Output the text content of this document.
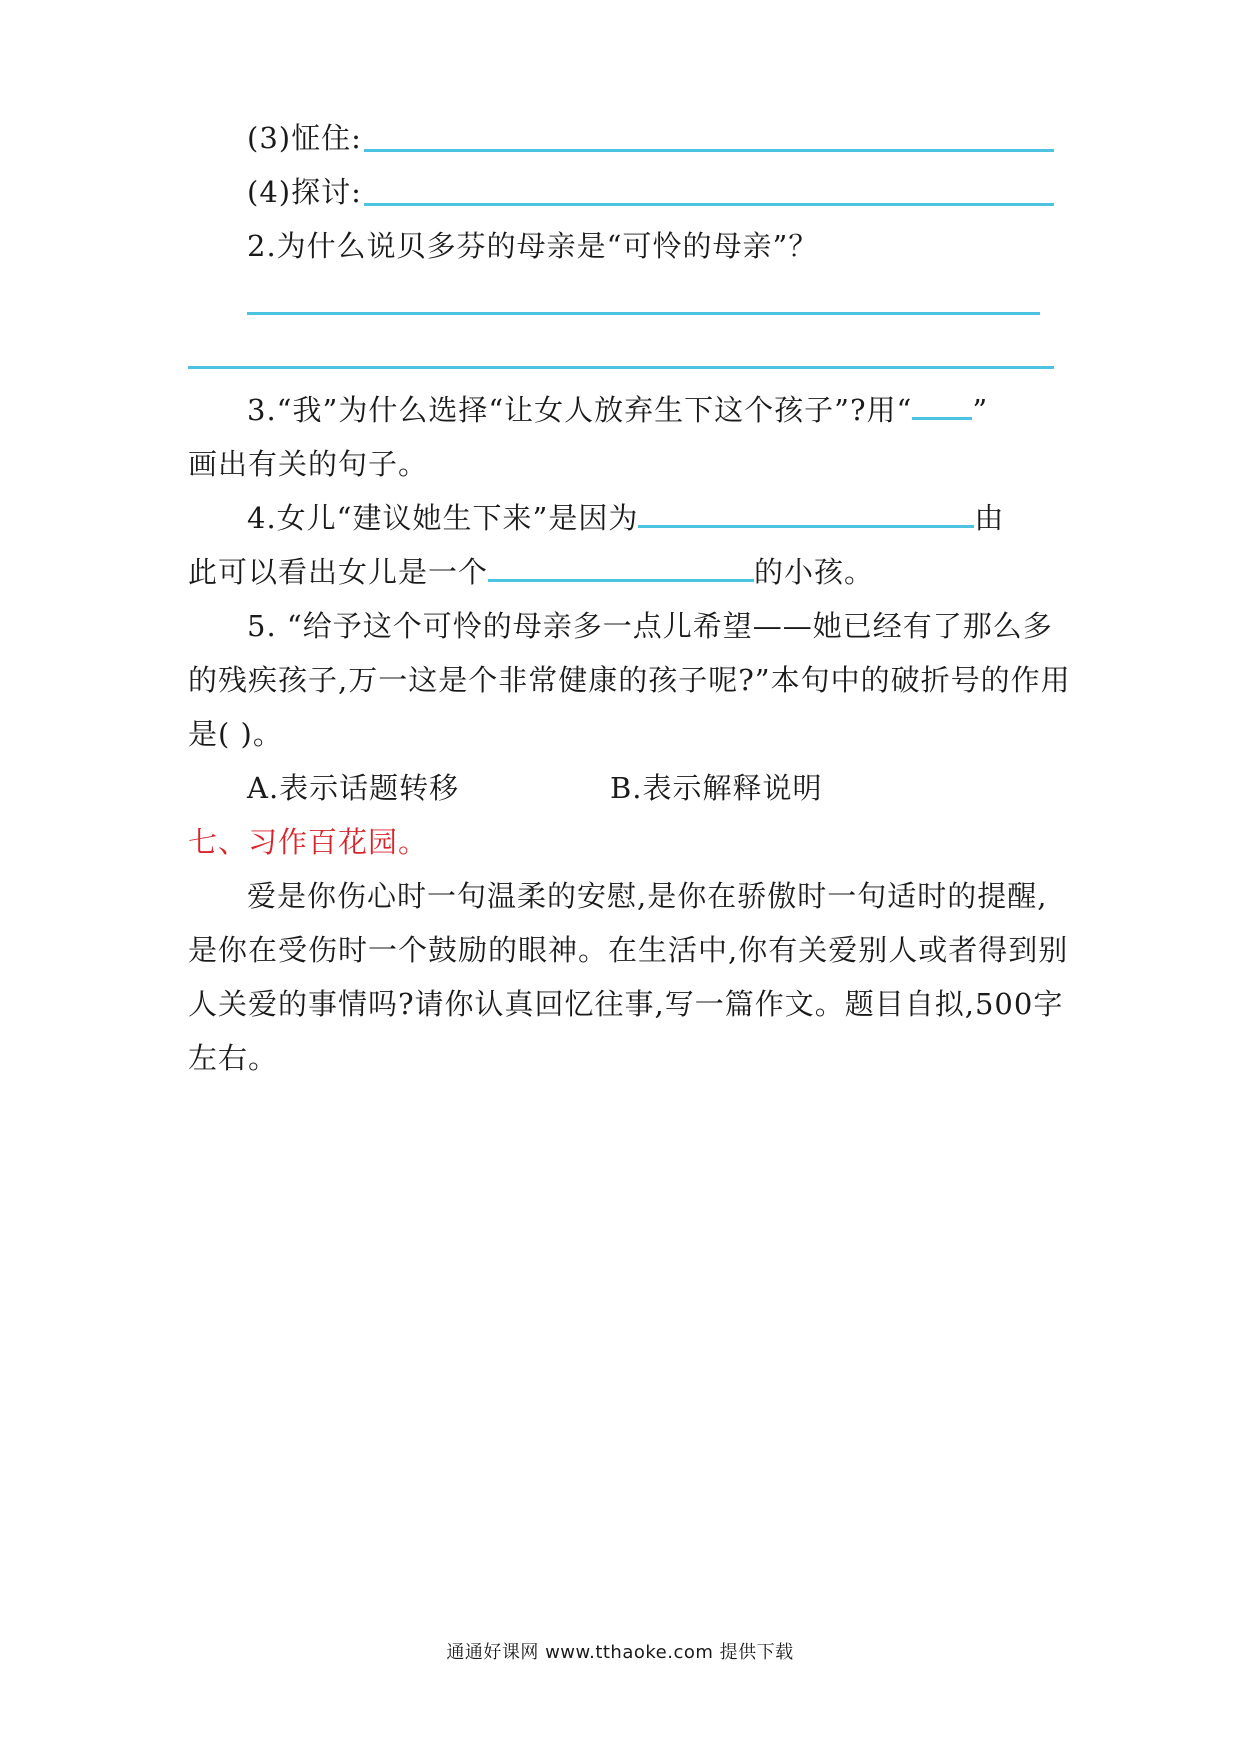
(3)怔住:
(4)探讨:
2.为什么说贝多芬的母亲是“可怜的母亲”？
3.“我”为什么选择“让女人放弃生下这个孩子”?用“ ”
画出有关的句子。
4.女儿“建议她生下来”是因为	由
此可以看出女儿是一个	的小孩。
5. “给予这个可怜的母亲多一点儿希望——她已经有了那么多
的残疾孩子,万一这是个非常健康的孩子呢?”本句中的破折号的作用
是( )。
A.表示话题转移	B.表示解释说明
七、习作百花园。
爱是你伤心时一句温柔的安慰,是你在骄傲时一句适时的提醒,
是你在受伤时一个鼓励的眼神。在生活中,你有关爱别人或者得到别
人关爱的事情吗?请你认真回忆往事,写一篇作文。题目自拟,500字
左右。
通通好课网 www.tthaoke.com 提供下载
